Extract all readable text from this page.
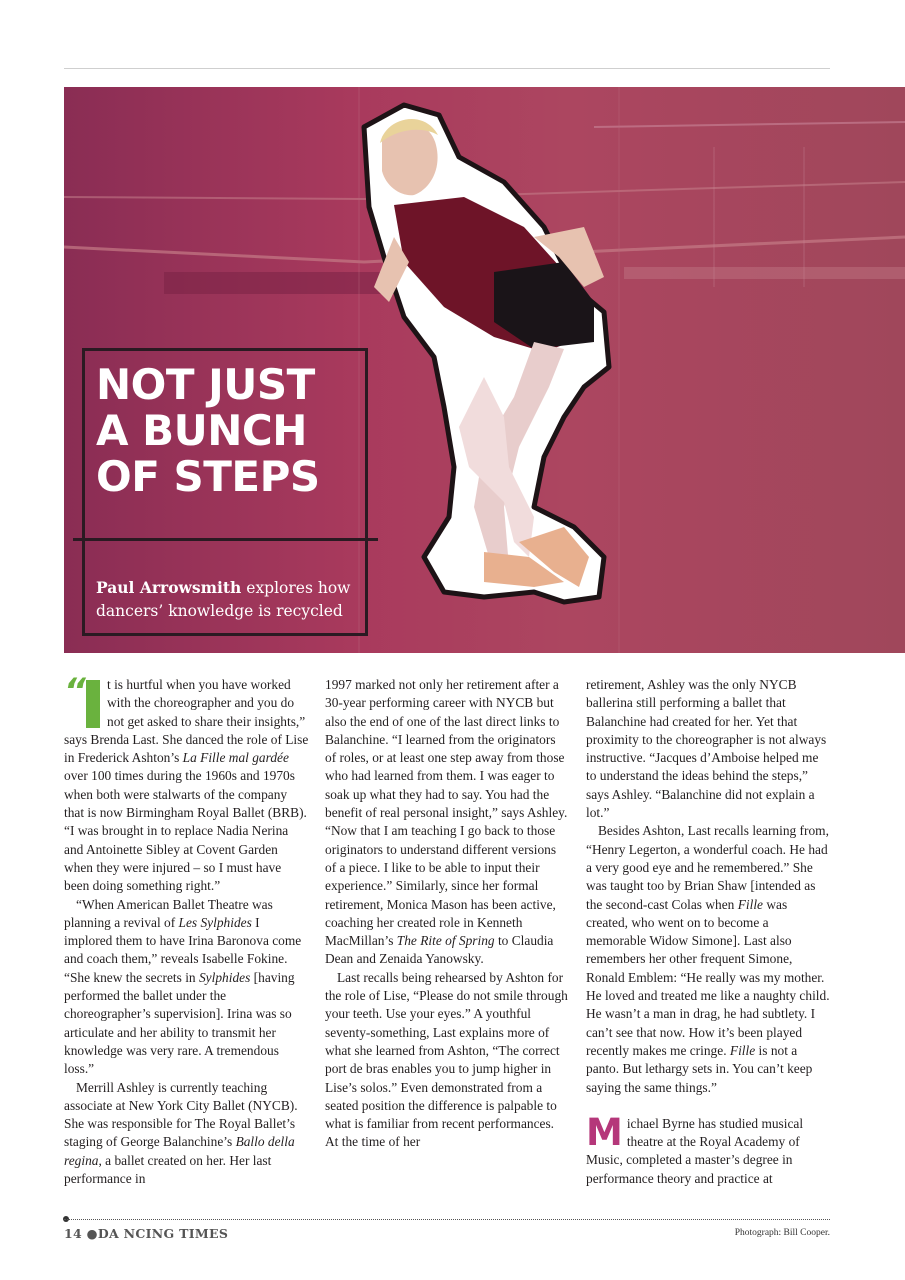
NOT JUST
A BUNCH
OF STEPS

Paul Arrowsmith explores how dancers’ knowledge is recycled

“ t is hurtful when you have worked with the choreographer and you do not get asked to share their insights,” says Brenda Last. She danced the role of Lise in Frederick Ashton’s La Fille mal gardée over 100 times during the 1960s and 1970s when both were stalwarts of the company that is now Birmingham Royal Ballet (BRB). “I was brought in to replace Nadia Nerina and Antoinette Sibley at Covent Garden when they were injured – so I must have been doing something right.”

“When American Ballet Theatre was planning a revival of Les Sylphides I implored them to have Irina Baronova come and coach them,” reveals Isabelle Fokine. “She knew the secrets in Sylphides [having performed the ballet under the choreographer’s supervision]. Irina was so articulate and her ability to transmit her knowledge was very rare. A tremendous loss.”

Merrill Ashley is currently teaching associate at New York City Ballet (NYCB). She was responsible for The Royal Ballet’s staging of George Balanchine’s Ballo della regina, a ballet created on her. Her last performance in

1997 marked not only her retirement after a 30-year performing career with NYCB but also the end of one of the last direct links to Balanchine. “I learned from the originators of roles, or at least one step away from those who had learned from them. I was eager to soak up what they had to say. You had the benefit of real personal insight,” says Ashley. “Now that I am teaching I go back to those originators to understand different versions of a piece. I like to be able to input their experience.” Similarly, since her formal retirement, Monica Mason has been active, coaching her created role in Kenneth MacMillan’s The Rite of Spring to Claudia Dean and Zenaida Yanowsky.

Last recalls being rehearsed by Ashton for the role of Lise, “Please do not smile through your teeth. Use your eyes.” A youthful seventy-something, Last explains more of what she learned from Ashton, “The correct port de bras enables you to jump higher in Lise’s solos.” Even demonstrated from a seated position the difference is palpable to what is familiar from recent performances. At the time of her

retirement, Ashley was the only NYCB ballerina still performing a ballet that Balanchine had created for her. Yet that proximity to the choreographer is not always instructive. “Jacques d’Amboise helped me to understand the ideas behind the steps,” says Ashley. “Balanchine did not explain a lot.”

Besides Ashton, Last recalls learning from, “Henry Legerton, a wonderful coach. He had a very good eye and he remembered.” She was taught too by Brian Shaw [intended as the second-cast Colas when Fille was created, who went on to become a memorable Widow Simone]. Last also remembers her other frequent Simone, Ronald Emblem: “He really was my mother. He loved and treated me like a naughty child. He wasn’t a man in drag, he had subtlety. I can’t see that now. How it’s been played recently makes me cringe. Fille is not a panto. But lethargy sets in. You can’t keep saying the same things.”

Michael Byrne has studied musical theatre at the Royal Academy of Music, completed a master’s degree in performance theory and practice at

14 ●DA NCING TIMES	Photograph: Bill Cooper.
